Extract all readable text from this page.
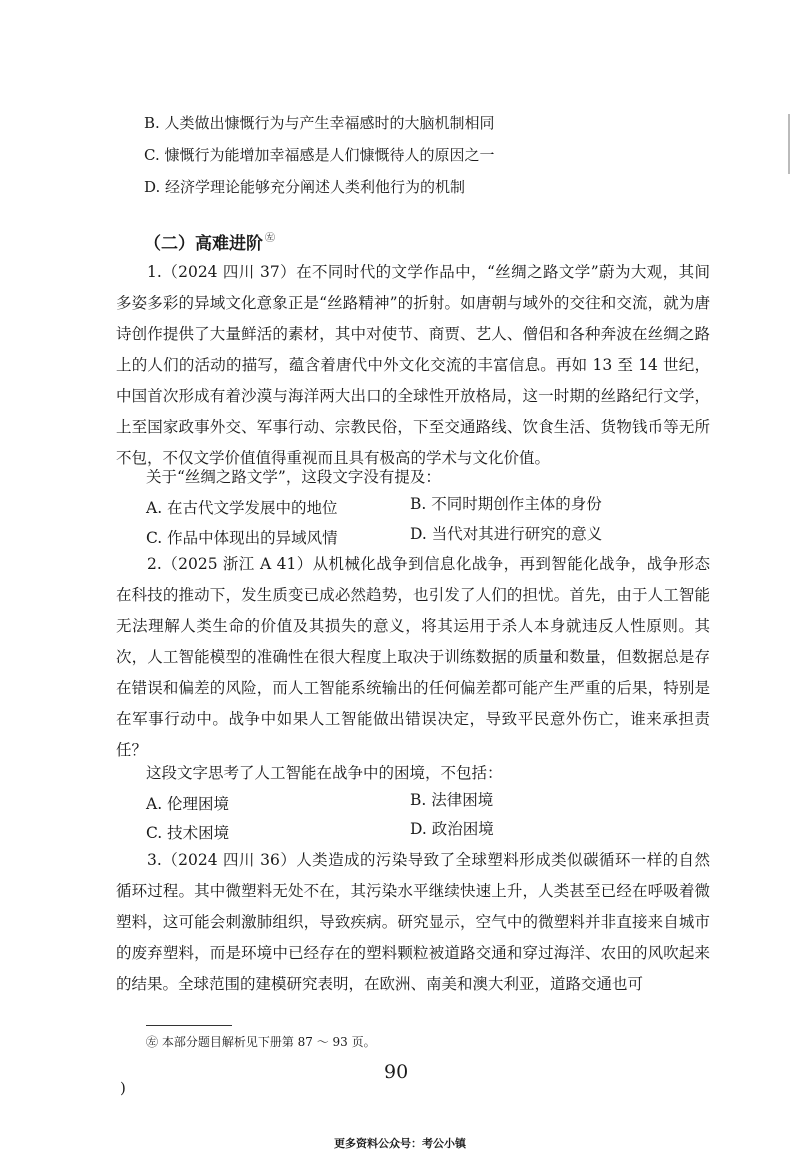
B. 人类做出慷慨行为与产生幸福感时的大脑机制相同
C. 慷慨行为能增加幸福感是人们慷慨待人的原因之一
D. 经济学理论能够充分阐述人类利他行为的机制
（二）高难进阶 ㊧
1.（2024 四川 37）在不同时代的文学作品中，“丝绸之路文学”蔚为大观，其间多姿多彩的异域文化意象正是“丝路精神”的折射。如唐朝与域外的交往和交流，就为唐诗创作提供了大量鲜活的素材，其中对使节、商贾、艺人、僧侣和各种奔波在丝绸之路上的人们的活动的描写，蕴含着唐代中外文化交流的丰富信息。再如 13 至 14 世纪，中国首次形成有着沙漠与海洋两大出口的全球性开放格局，这一时期的丝路纪行文学，上至国家政事外交、军事行动、宗教民俗，下至交通路线、饮食生活、货物钱币等无所不包，不仅文学价值值得重视而且具有极高的学术与文化价值。
关于“丝绸之路文学”，这段文字没有提及：
A. 在古代文学发展中的地位	B. 不同时期创作主体的身份
C. 作品中体现出的异域风情	D. 当代对其进行研究的意义
2.（2025 浙江 A 41）从机械化战争到信息化战争，再到智能化战争，战争形态在科技的推动下，发生质变已成必然趋势，也引发了人们的担忧。首先，由于人工智能无法理解人类生命的价值及其损失的意义，将其运用于杀人本身就违反人性原则。其次，人工智能模型的准确性在很大程度上取决于训练数据的质量和数量，但数据总是存在错误和偏差的风险，而人工智能系统输出的任何偏差都可能产生严重的后果，特别是在军事行动中。战争中如果人工智能做出错误决定，导致平民意外伤亡，谁来承担责任？
这段文字思考了人工智能在战争中的困境，不包括：
A. 伦理困境	B. 法律困境
C. 技术困境	D. 政治困境
3.（2024 四川 36）人类造成的污染导致了全球塑料形成类似碳循环一样的自然循环过程。其中微塑料无处不在，其污染水平继续快速上升，人类甚至已经在呼吸着微塑料，这可能会刺激肺组织，导致疾病。研究显示，空气中的微塑料并非直接来自城市的废弃塑料，而是环境中已经存在的塑料颗粒被道路交通和穿过海洋、农田的风吹起来的结果。全球范围的建模研究表明，在欧洲、南美和澳大利亚，道路交通也可
㊧ 本部分题目解析见下册第 87 ～ 93 页。
90
)
更多资料公众号：考公小镇
